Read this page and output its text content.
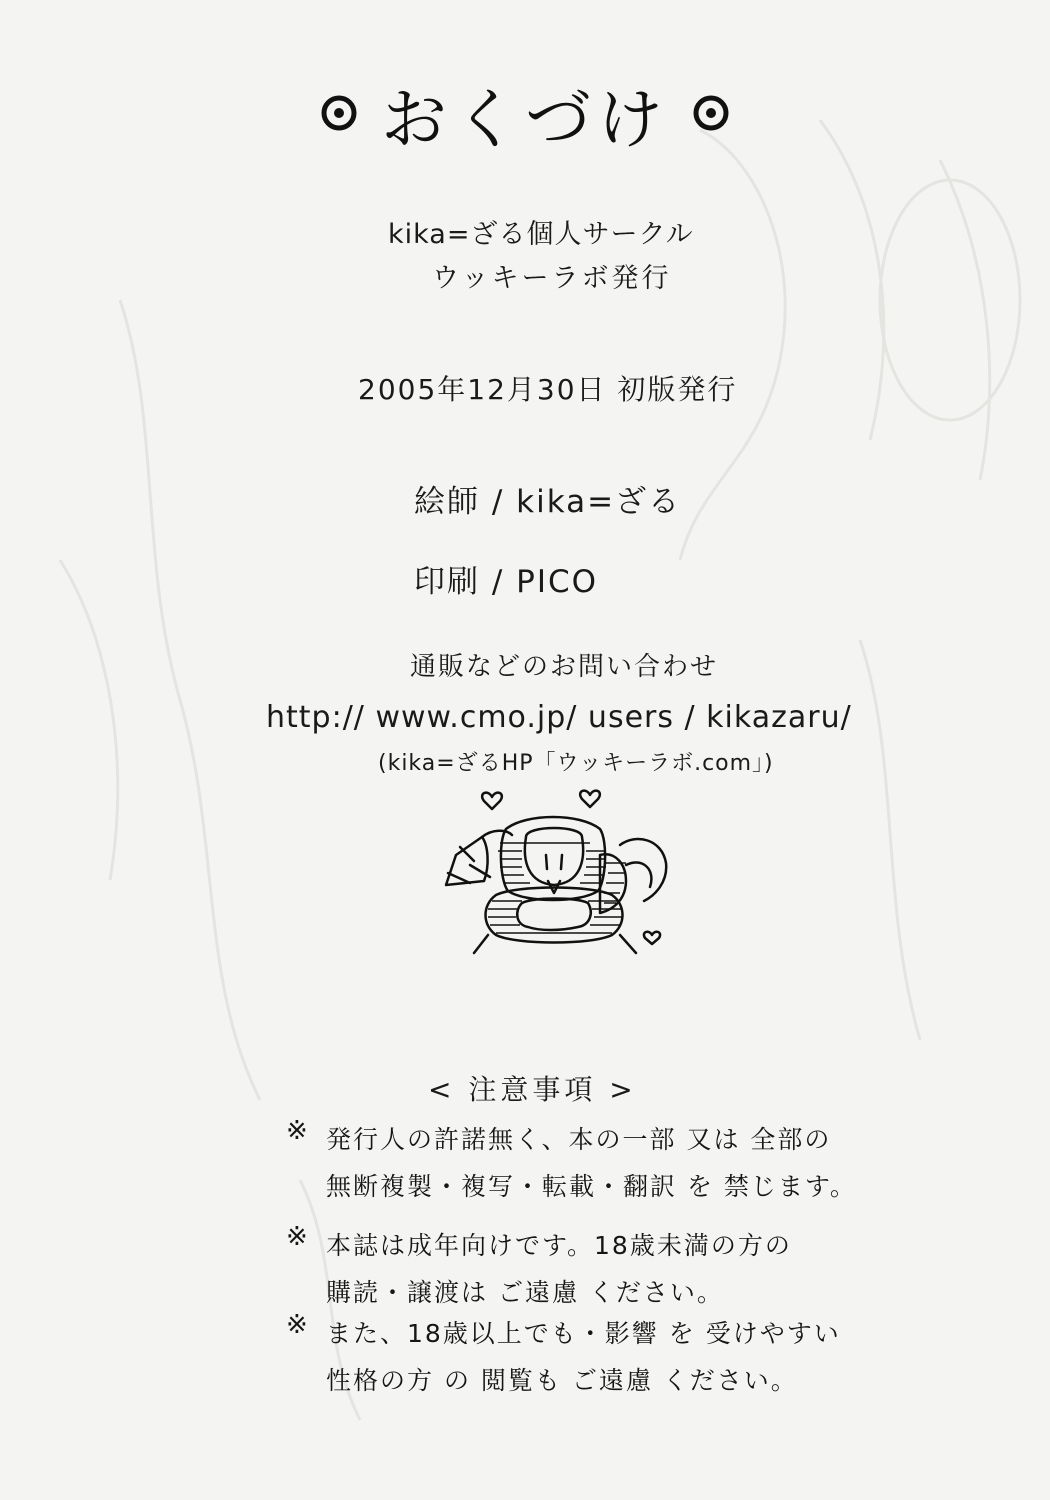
おくづけ
kika=ざる個人サークル
ウッキーラボ発行
2005年12月30日 初版発行
絵師 / kika=ざる
印刷 / PICO
通販などのお問い合わせ
http:// www.cmo.jp/ users / kikazaru/
(kika=ざるHP「ウッキーラボ.com」)
< 注意事項 >
※ 発行人の許諾無く、本の一部 又は 全部の
無断複製・複写・転載・翻訳 を 禁じます。
※ 本誌は成年向けです。18歳未満の方の
購読・譲渡は ご遠慮 ください。
※ また、18歳以上でも・影響 を 受けやすい
性格の方 の 閲覧も ご遠慮 ください。
